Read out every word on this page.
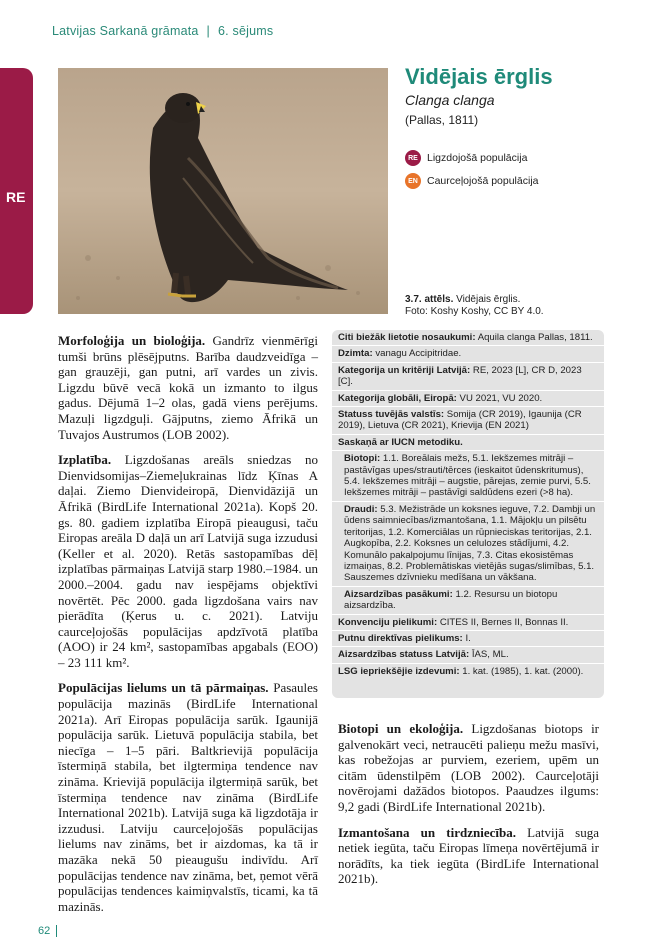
Latvijas Sarkanā grāmata | 6. sējums
RE
Vidējais ērglis
Clanga clanga
(Pallas, 1811)
RE Ligzdojošā populācija
EN Caurceļojošā populācija
3.7. attēls. Vidējais ērglis.
Foto: Koshy Koshy, CC BY 4.0.

Morfoloģija un bioloģija. Gandrīz vienmērīgi tumši brūns plēsējputns. Barība daudzveidīga – gan grauzēji, gan putni, arī vardes un zivis. Ligzdu būvē vecā kokā un izmanto to ilgus gadus. Dējumā 1–2 olas, gadā viens perējums. Mazuļi ligzdguļi. Gājputns, ziemo Āfrikā un Tuvajos Austrumos (LOB 2002).

Izplatība. Ligzdošanas areāls sniedzas no Dienvidsomijas–Ziemeļukrainas līdz Ķīnas A daļai. Ziemo Dienvideiropā, Dienvidāzijā un Āfrikā (BirdLife International 2021a). Kopš 20. gs. 80. gadiem izplatība Eiropā pieaugusi, taču Eiropas areāla D daļā un arī Latvijā suga izzudusi (Keller et al. 2020). Retās sastopamības dēļ izplatības pārmaiņas Latvijā starp 1980.–1984. un 2000.–2004. gadu nav iespējams objektīvi novērtēt. Pēc 2000. gada ligzdošana vairs nav pierādīta (Ķerus u. c. 2021). Latviju caurceļojošās populācijas apdzīvotā platība (AOO) ir 24 km², sastopamības apgabals (EOO) – 23 111 km².

Populācijas lielums un tā pārmaiņas. Pasaules populācija mazinās (BirdLife International 2021a). Arī Eiropas populācija sarūk. Igaunijā populācija sarūk. Lietuvā populācija stabila, bet niecīga – 1–5 pāri. Baltkrievijā populācija īstermiņā stabila, bet ilgtermiņa tendence nav zināma. Krievijā populācija ilgtermiņā sarūk, bet īstermiņa tendence nav zināma (BirdLife International 2021b). Latvijā suga kā ligzdotāja ir izzudusi. Latviju caurceļojošās populācijas lielums nav zināms, bet ir aizdomas, ka tā ir mazāka nekā 50 pieaugušu indivīdu. Arī populācijas tendence nav zināma, bet, ņemot vērā populācijas tendences kaimiņvalstīs, ticami, ka tā mazinās.

Citi biežāk lietotie nosaukumi: Aquila clanga Pallas, 1811.
Dzimta: vanagu Accipitridae.
Kategorija un kritēriji Latvijā: RE, 2023 [L], CR D, 2023 [C].
Kategorija globāli, Eiropā: VU 2021, VU 2020.
Statuss tuvējās valstīs: Somija (CR 2019), Igaunija (CR 2019), Lietuva (CR 2021), Krievija (EN 2021)
Saskaņā ar IUCN metodiku.
Biotopi: 1.1. Boreālais mežs, 5.1. Iekšzemes mitrāji – pastāvīgas upes/strauti/tērces (ieskaitot ūdenskritumus), 5.4. Iekšzemes mitrāji – augstie, pārejas, zemie purvi, 5.5. Iekšzemes mitrāji – pastāvīgi saldūdens ezeri (>8 ha).
Draudi: 5.3. Mežistrāde un koksnes ieguve, 7.2. Dambji un ūdens saimniecības/izmantošana, 1.1. Mājokļu un pilsētu teritorijas, 1.2. Komerciālas un rūpnieciskas teritorijas, 2.1. Augkopība, 2.2. Koksnes un celulozes stādījumi, 4.2. Komunālo pakalpojumu līnijas, 7.3. Citas ekosistēmas izmaiņas, 8.2. Problemātiskas vietējās sugas/slimības, 5.1. Sauszemes dzīvnieku medīšana un vākšana.
Aizsardzības pasākumi: 1.2. Resursu un biotopu aizsardzība.
Konvenciju pielikumi: CITES II, Bernes II, Bonnas II.
Putnu direktīvas pielikums: I.
Aizsardzības statuss Latvijā: ĪAS, ML.
LSG iepriekšējie izdevumi: 1. kat. (1985), 1. kat. (2000).

Biotopi un ekoloģija. Ligzdošanas biotops ir galvenokārt veci, netraucēti palieņu mežu masīvi, kas robežojas ar purviem, ezeriem, upēm un citām ūdenstilpēm (LOB 2002). Caurceļotāji novērojami dažādos biotopos. Paaudzes ilgums: 9,2 gadi (BirdLife International 2021b).

Izmantošana un tirdzniecība. Latvijā suga netiek iegūta, taču Eiropas līmeņa novērtējumā ir norādīts, ka tiek iegūta (BirdLife International 2021b).

62
